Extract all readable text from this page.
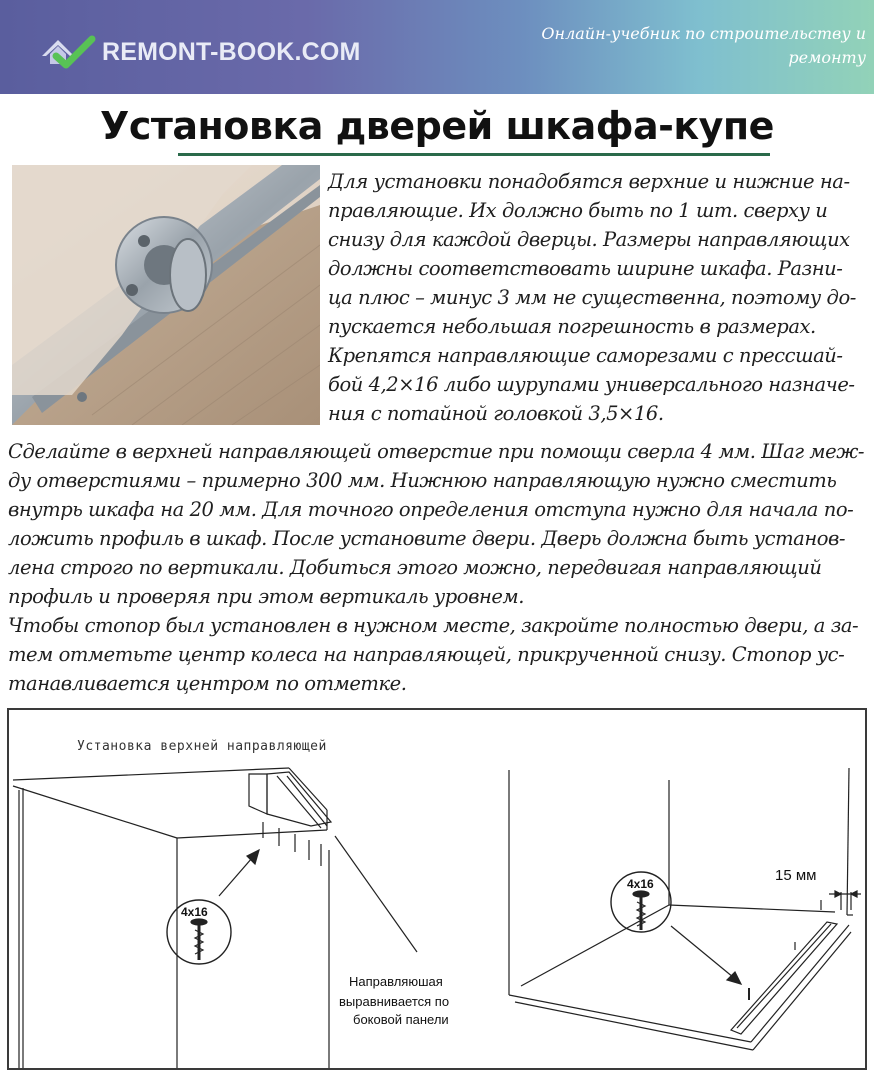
REMONT-BOOK.COM
Онлайн-учебник по строительству и
ремонту
Установка дверей шкафа-купе
Для установки понадобятся верхние и нижние на-
правляющие. Их должно быть по 1 шт. сверху и
снизу для каждой дверцы. Размеры направляющих
должны соответствовать ширине шкафа. Разни-
ца плюс – минус 3 мм не существенна, поэтому до-
пускается небольшая погрешность в размерах.
Крепятся направляющие саморезами с прессшай-
бой 4,2×16 либо шурупами универсального назначе-
ния с потайной головкой 3,5×16.
Сделайте в верхней направляющей отверстие при помощи сверла 4 мм. Шаг меж-
ду отверстиями – примерно 300 мм. Нижнюю направляющую нужно сместить
внутрь шкафа на 20 мм. Для точного определения отступа нужно для начала по-
ложить профиль в шкаф. После установите двери. Дверь должна быть установ-
лена строго по вертикали. Добиться этого можно, передвигая направляющий
профиль и проверяя при этом вертикаль уровнем.
Чтобы стопор был установлен в нужном месте, закройте полностью двери, а за-
тем отметьте центр колеса на направляющей, прикрученной снизу. Стопор ус-
танавливается центром по отметке.
Установка верхней направляющей
4x16
4x16
Направляюшая
выравнивается по
боковой панели
15 мм
